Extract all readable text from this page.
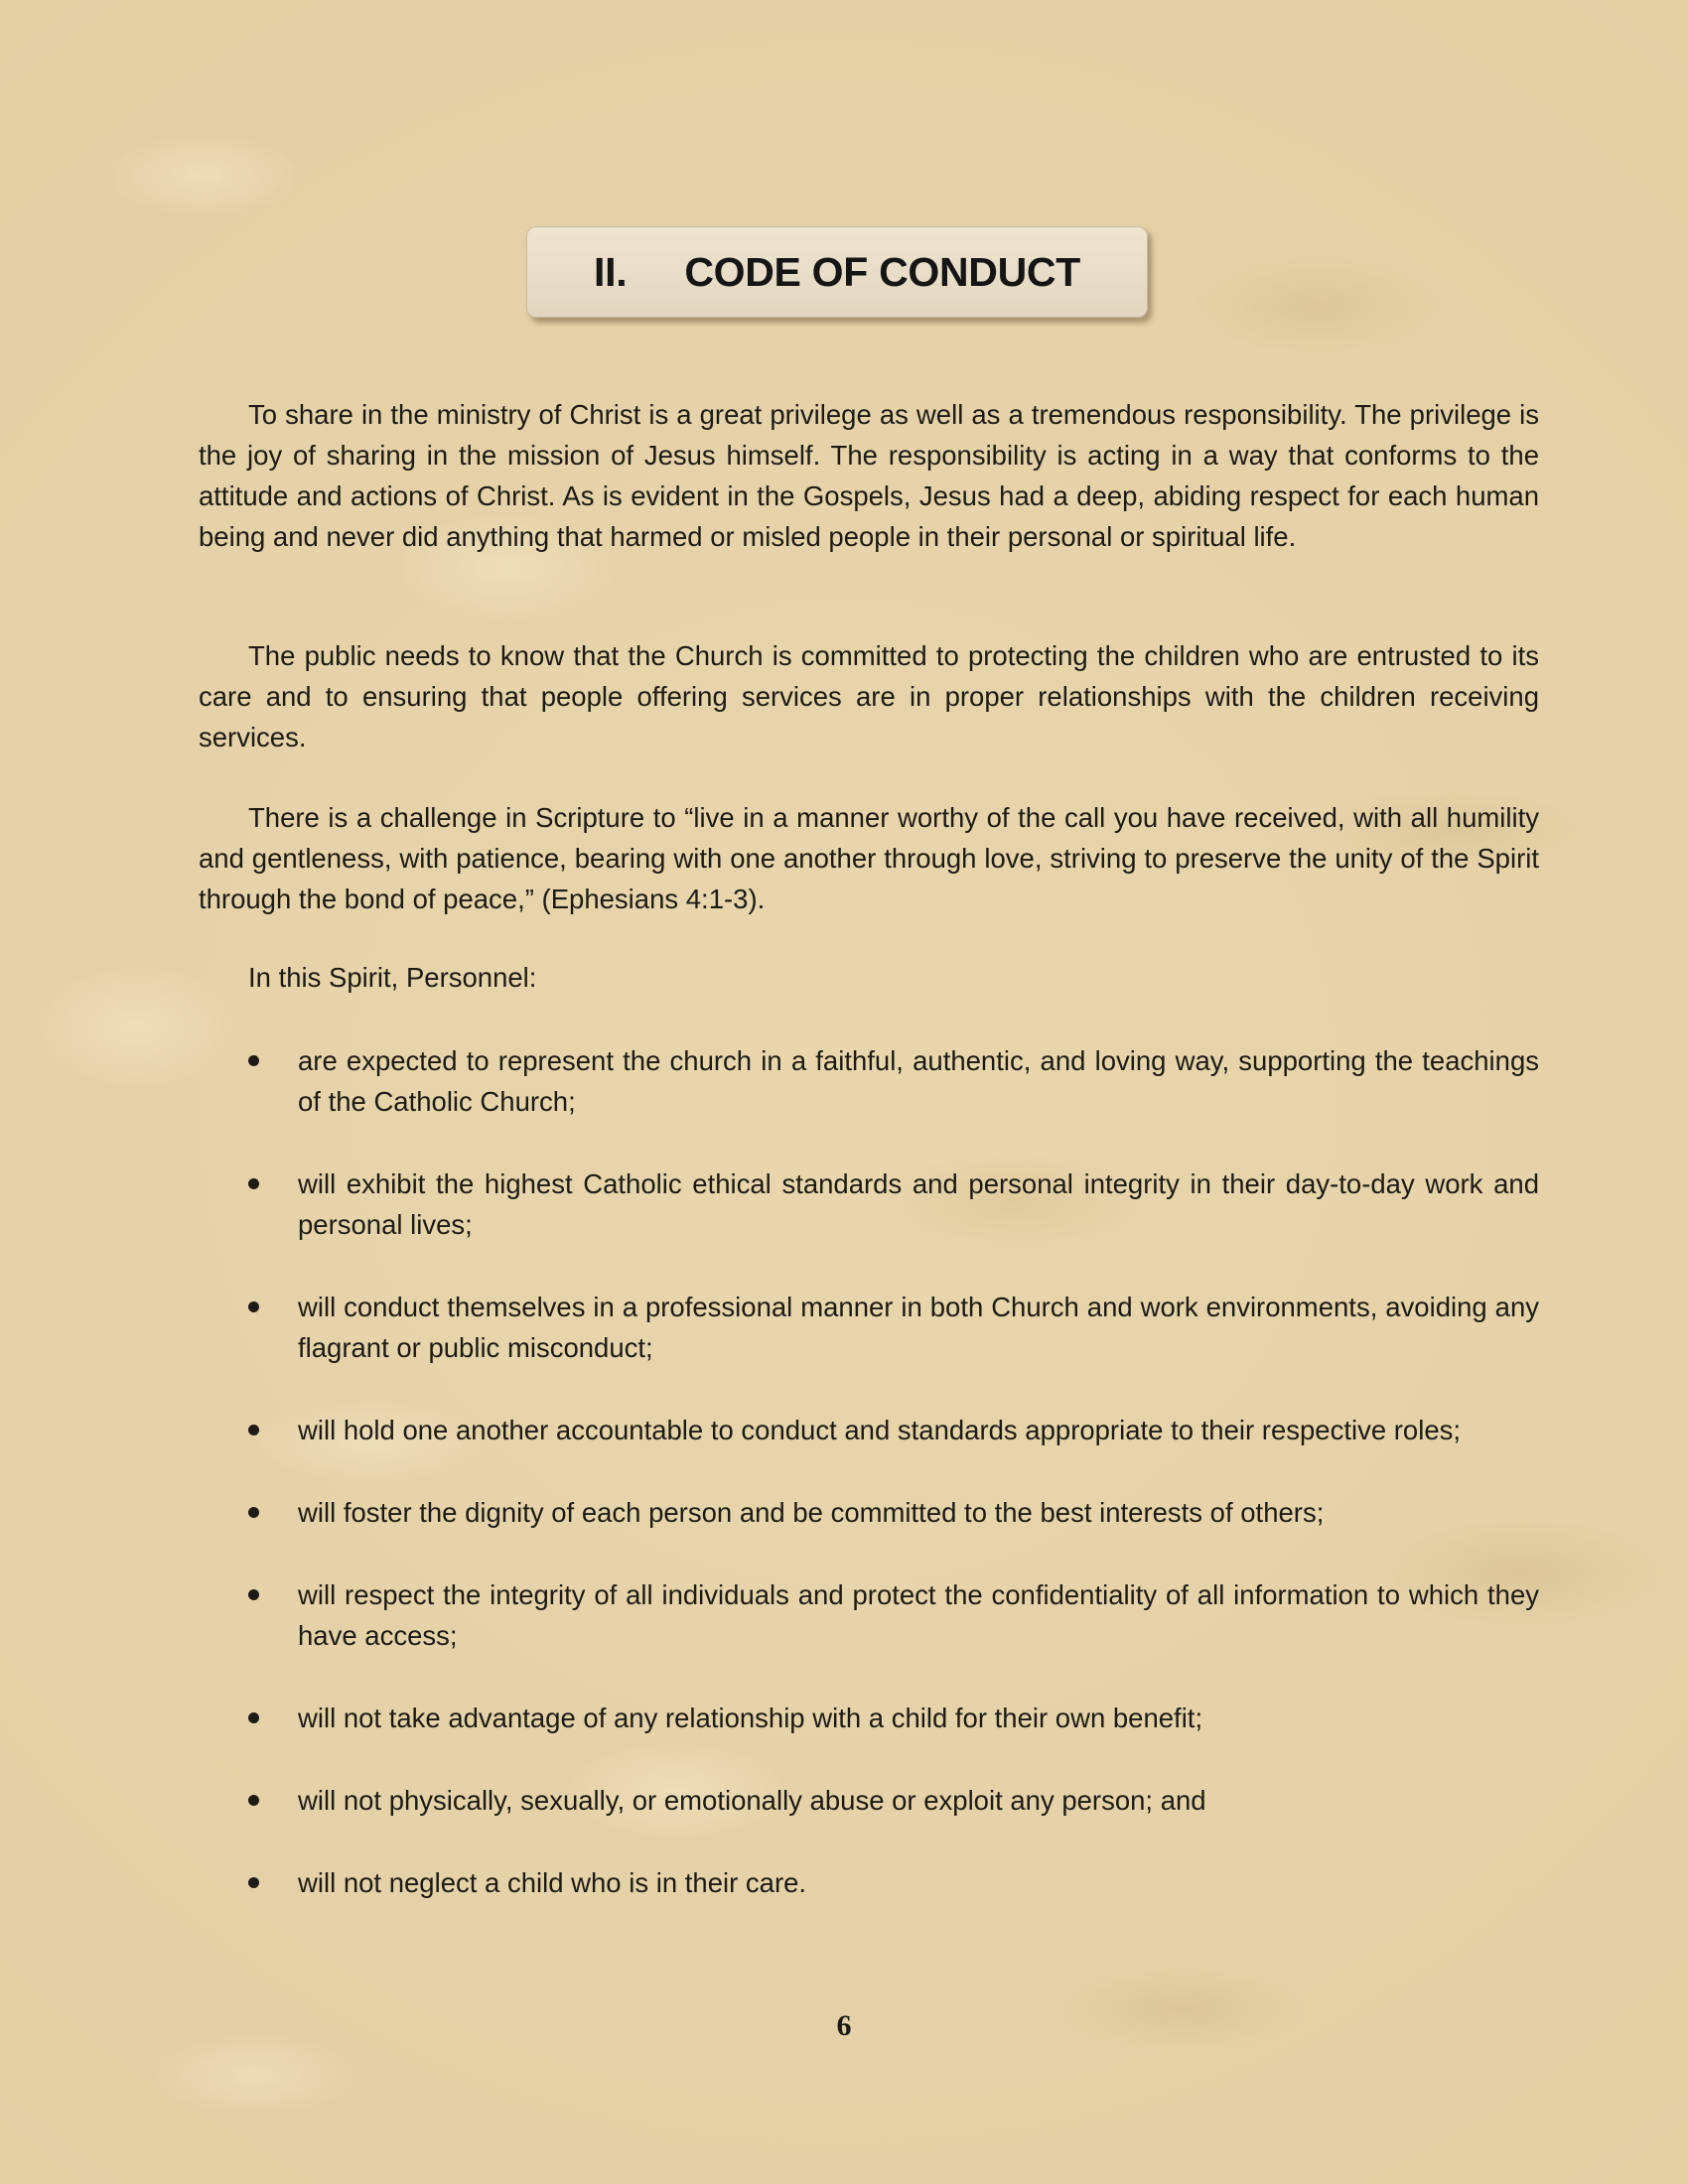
II. CODE OF CONDUCT

To share in the ministry of Christ is a great privilege as well as a tremendous responsibility. The privilege is the joy of sharing in the mission of Jesus himself. The responsibility is acting in a way that conforms to the attitude and actions of Christ. As is evident in the Gospels, Jesus had a deep, abiding respect for each human being and never did anything that harmed or misled people in their personal or spiritual life.

The public needs to know that the Church is committed to protecting the children who are entrusted to its care and to ensuring that people offering services are in proper relationships with the children receiving services.

There is a challenge in Scripture to “live in a manner worthy of the call you have received, with all humility and gentleness, with patience, bearing with one another through love, striving to preserve the unity of the Spirit through the bond of peace,” (Ephesians 4:1-3).

In this Spirit, Personnel:

are expected to represent the church in a faithful, authentic, and loving way, supporting the teachings of the Catholic Church;
will exhibit the highest Catholic ethical standards and personal integrity in their day-to-day work and personal lives;
will conduct themselves in a professional manner in both Church and work environments, avoiding any flagrant or public misconduct;
will hold one another accountable to conduct and standards appropriate to their respective roles;
will foster the dignity of each person and be committed to the best interests of others;
will respect the integrity of all individuals and protect the confidentiality of all information to which they have access;
will not take advantage of any relationship with a child for their own benefit;
will not physically, sexually, or emotionally abuse or exploit any person; and
will not neglect a child who is in their care.
6
